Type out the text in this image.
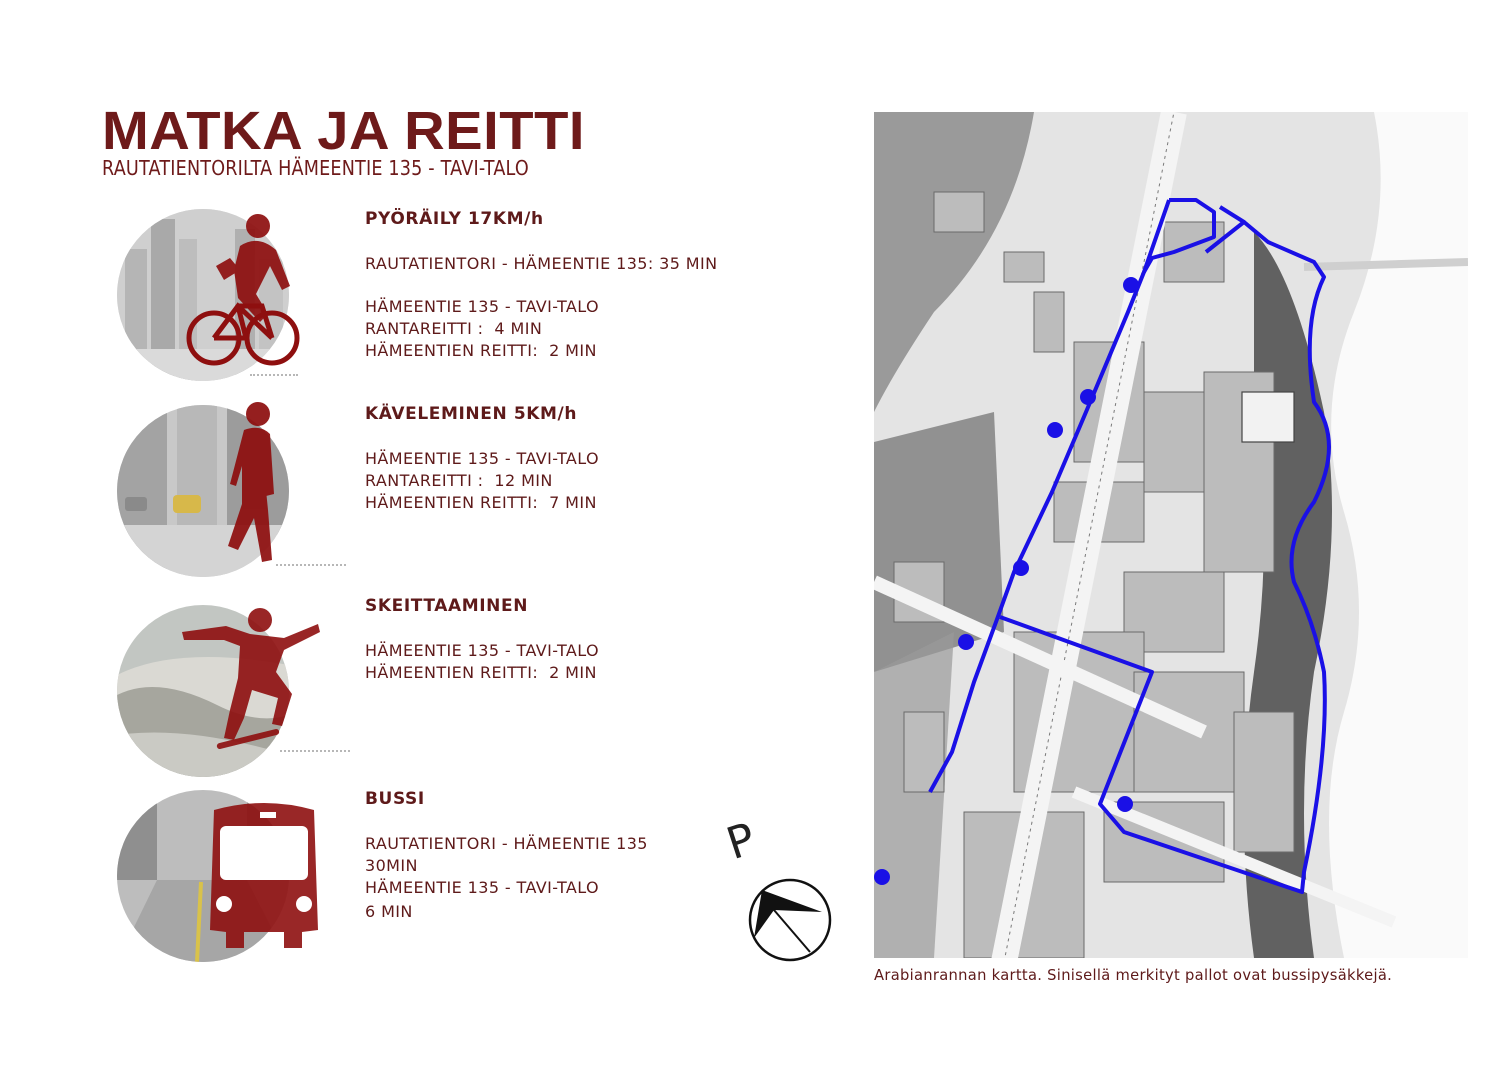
MATKA JA REITTI
RAUTATIENTORILTA HÄMEENTIE 135 - TAVI-TALO
PYÖRÄILY 17KM/h
RAUTATIENTORI - HÄMEENTIE 135: 35 MIN
HÄMEENTIE 135 - TAVI-TALO
RANTAREITTI :  4 MIN
HÄMEENTIEN REITTI:  2 MIN
KÄVELEMINEN 5KM/h
HÄMEENTIE 135 - TAVI-TALO
RANTAREITTI :  12 MIN
HÄMEENTIEN REITTI:  7 MIN
SKEITTAAMINEN
HÄMEENTIE 135 - TAVI-TALO
HÄMEENTIEN REITTI:  2 MIN
BUSSI
RAUTATIENTORI - HÄMEENTIE 135
30MIN
HÄMEENTIE 135 - TAVI-TALO
6 MIN
P
Arabianrannan kartta. Sinisellä merkityt pallot ovat bussipysäkkejä.
